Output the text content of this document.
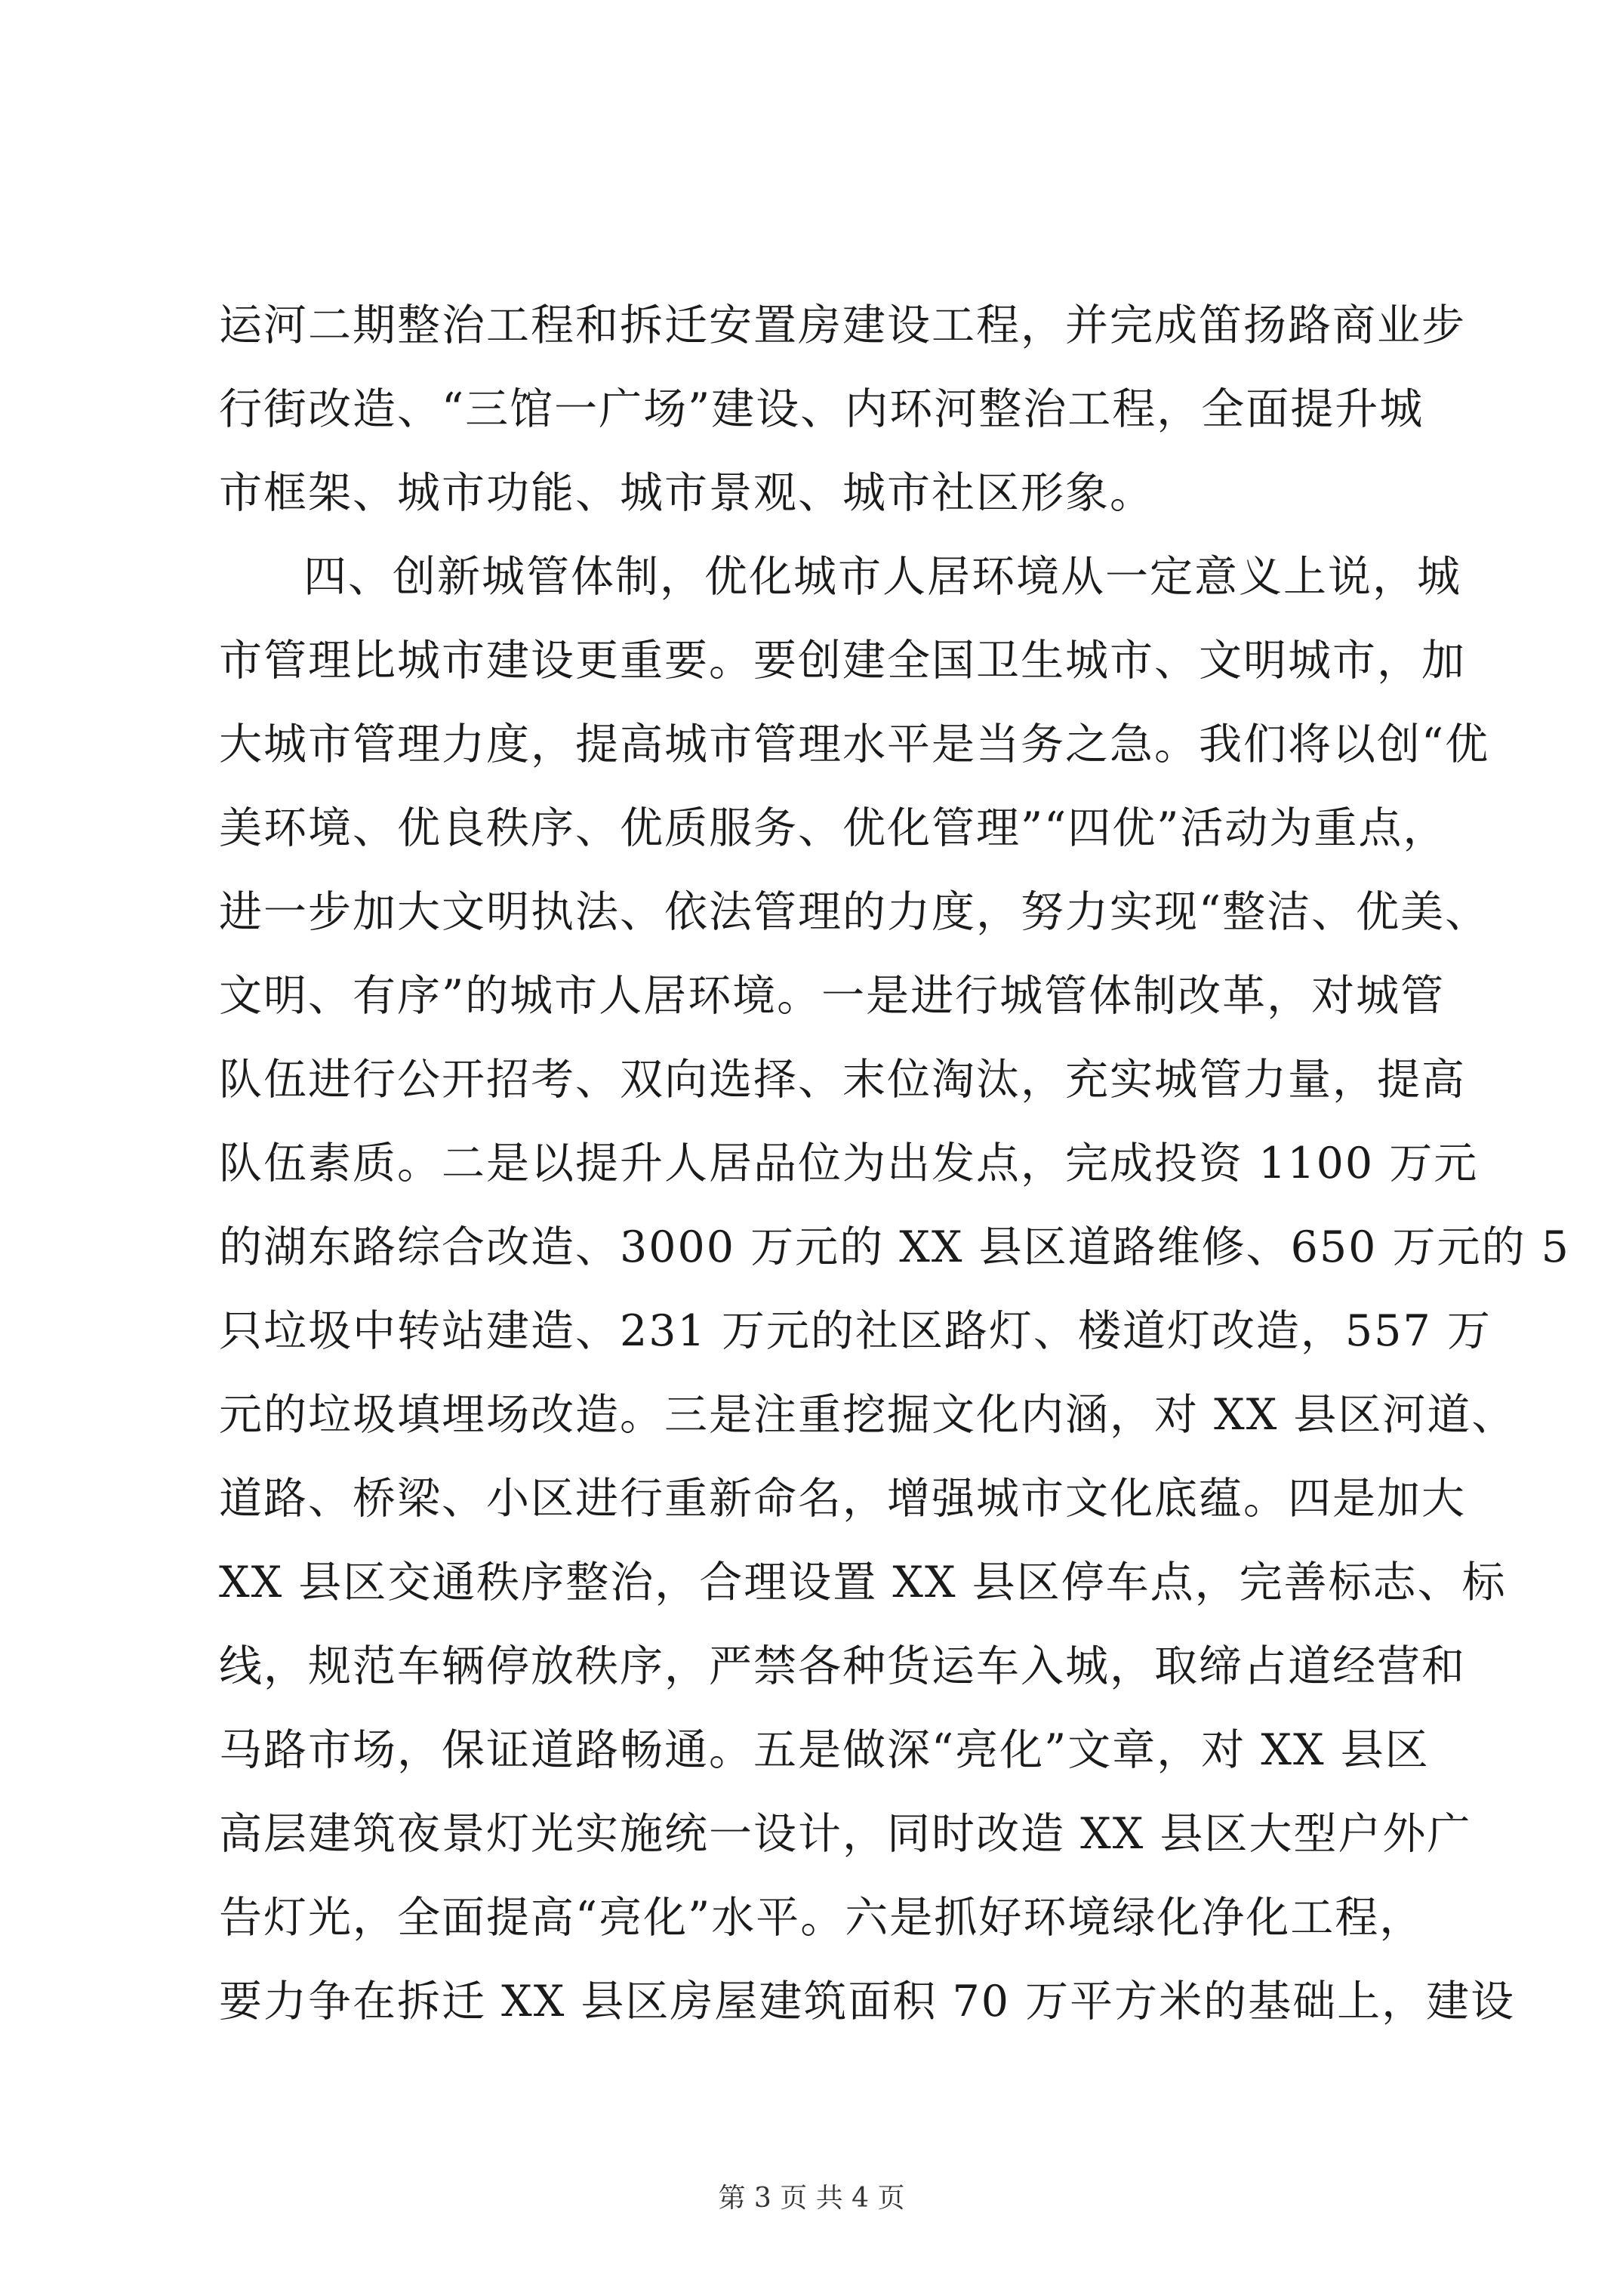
运河二期整治工程和拆迁安置房建设工程，并完成笛扬路商业步
行街改造、“三馆一广场”建设、内环河整治工程，全面提升城
市框架、城市功能、城市景观、城市社区形象。
四、创新城管体制，优化城市人居环境从一定意义上说，城
市管理比城市建设更重要。要创建全国卫生城市、文明城市，加
大城市管理力度，提高城市管理水平是当务之急。我们将以创“优
美环境、优良秩序、优质服务、优化管理”“四优”活动为重点，
进一步加大文明执法、依法管理的力度，努力实现“整洁、优美、
文明、有序”的城市人居环境。一是进行城管体制改革，对城管
队伍进行公开招考、双向选择、末位淘汰，充实城管力量，提高
队伍素质。二是以提升人居品位为出发点，完成投资 1100 万元
的湖东路综合改造、3000 万元的 XX 县区道路维修、650 万元的 5
只垃圾中转站建造、231 万元的社区路灯、楼道灯改造，557 万
元的垃圾填埋场改造。三是注重挖掘文化内涵，对 XX 县区河道、
道路、桥梁、小区进行重新命名，增强城市文化底蕴。四是加大
XX 县区交通秩序整治，合理设置 XX 县区停车点，完善标志、标
线，规范车辆停放秩序，严禁各种货运车入城，取缔占道经营和
马路市场，保证道路畅通。五是做深“亮化”文章，对 XX 县区
高层建筑夜景灯光实施统一设计，同时改造 XX 县区大型户外广
告灯光，全面提高“亮化”水平。六是抓好环境绿化净化工程，
要力争在拆迁 XX 县区房屋建筑面积 70 万平方米的基础上，建设
第 3 页 共 4 页
